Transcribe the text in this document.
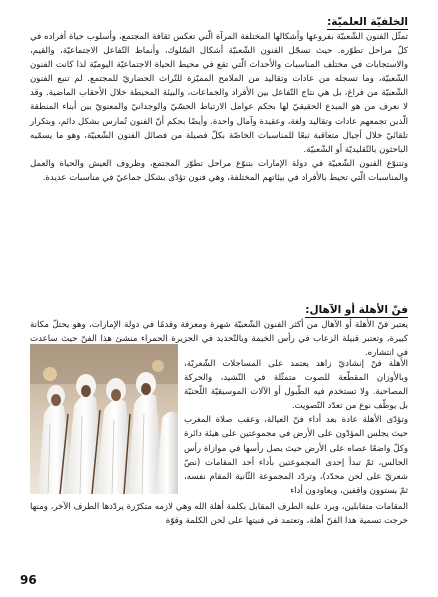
الخلفيّة العلميّة:

تمثّل الفنون الشّعبيّة بفروعها وأشكالها المختلفة المرآة الّتي تعكس ثقافة المجتمع، وأسلوب حياة أفراده في كلّ مراحل تطوّره. حيث تسجّل الفنون الشّعبيّة أشكال السّلوك، وأنماط التّفاعل الاجتماعيّة، والقيم، والاستجابات في مختلف المناسبات والأحداث الّتي تقع في محيط الحياة الاجتماعيّة اليوميّة لذا كانت الفنون الشّعبيّة، وما تسجله من عادات وتقاليد من الملامح المميّزة للتّراث الحضاريّ للمجتمع. لم تنبع الفنون الشّعبيّة من فراغ، بل هي نتاج التّفاعل بين الأفراد والجماعات، والبيئة المحيطة خلال الأحقاب الماضية. وقد لا نعرف من هو المبدع الحقيقيّ لها بحكم عوامل الارتباط الحسّيّ والوجدانيّ والمعنويّ بين أبناء المنطقة الّذين تجمعهم عادات وتقاليد ولغة، وعقيدة وآمال واحدة. وأيضًا بحكم أنّ الفنون تُمارس بشكل دائم، وبتكرار تلقائيّ خلال أجيال متعاقبة تبعًا للمناسبات الخاصّة بكلّ فصيلة من فصائل الفنون الشّعبيّة، وهو ما يسمّيه الباحثون بالتّقليديّة أو الشّعبيّة.

وتتنوّع الفنون الشّعبيّة في دولة الإمارات بتنوّع مراحل تطوّر المجتمع، وظروف العيش والحياة والعمل والمناسبات الّتي تحيط بالأفراد في بيئاتهم المختلفة، وهي فنون تؤدّى بشكل جماعيّ في مناسبات عديدة.

فنّ الأهلة أو الآهال:

يعتبر فنّ الأهلة أو الآهال من أكثر الفنون الشّعبيّة شهرة ومعرفة وقدمًا في دولة الإمارات، وهو يحتلّ مكانة كبيرة، وتعتبر قبيلة الزعاب في رأس الخيمة وبالتّحديد في الجزيرة الحمراء منشئ هذا الفنّ حيث ساعدت في انتشاره.

الأهلة فنّ إنشاديّ زاهد يعتمد على المساجلات الشّعريّة، وبالأوزان المقطّعة للصوت متمثّلة في النّشيد، والحركة المصاحبة. ولا تستخدم فيه الطّبول أو الآلات الموسيقيّة اللّحنيّة بل يوظّف نوع من تعدّد التّصويت.

وتؤدّى الأهلة عادة بعد أداء فنّ العيالة، وعقب صلاة المغرب حيث يجلس المؤدّون على الأرض في مجموعتين على هيئة دائرة وكلّ واضعًا عصاه على الأرض حيث يصل رأسها في موازاة رأس الحالس، ثمّ تبدأ إحدى المجموعتين بأداء أحد المقامات (نصّ شعريّ على لحن محدّد)، وتردّد المجموعة الثّانية المقام نفسه، ثمّ يستوون واقفين، ويعاودون أداء

المقامات متقابلين، ويرد عليه الطرف المقابل بكلمة أهلة الله وهي لازمه متكرّرة يردّدها الطرف الآخر، ومنها خرجت تسمية هذا الفنّ أهلة، وتعتمد في فنيتها على لحن الكلمة وقوّة

96
